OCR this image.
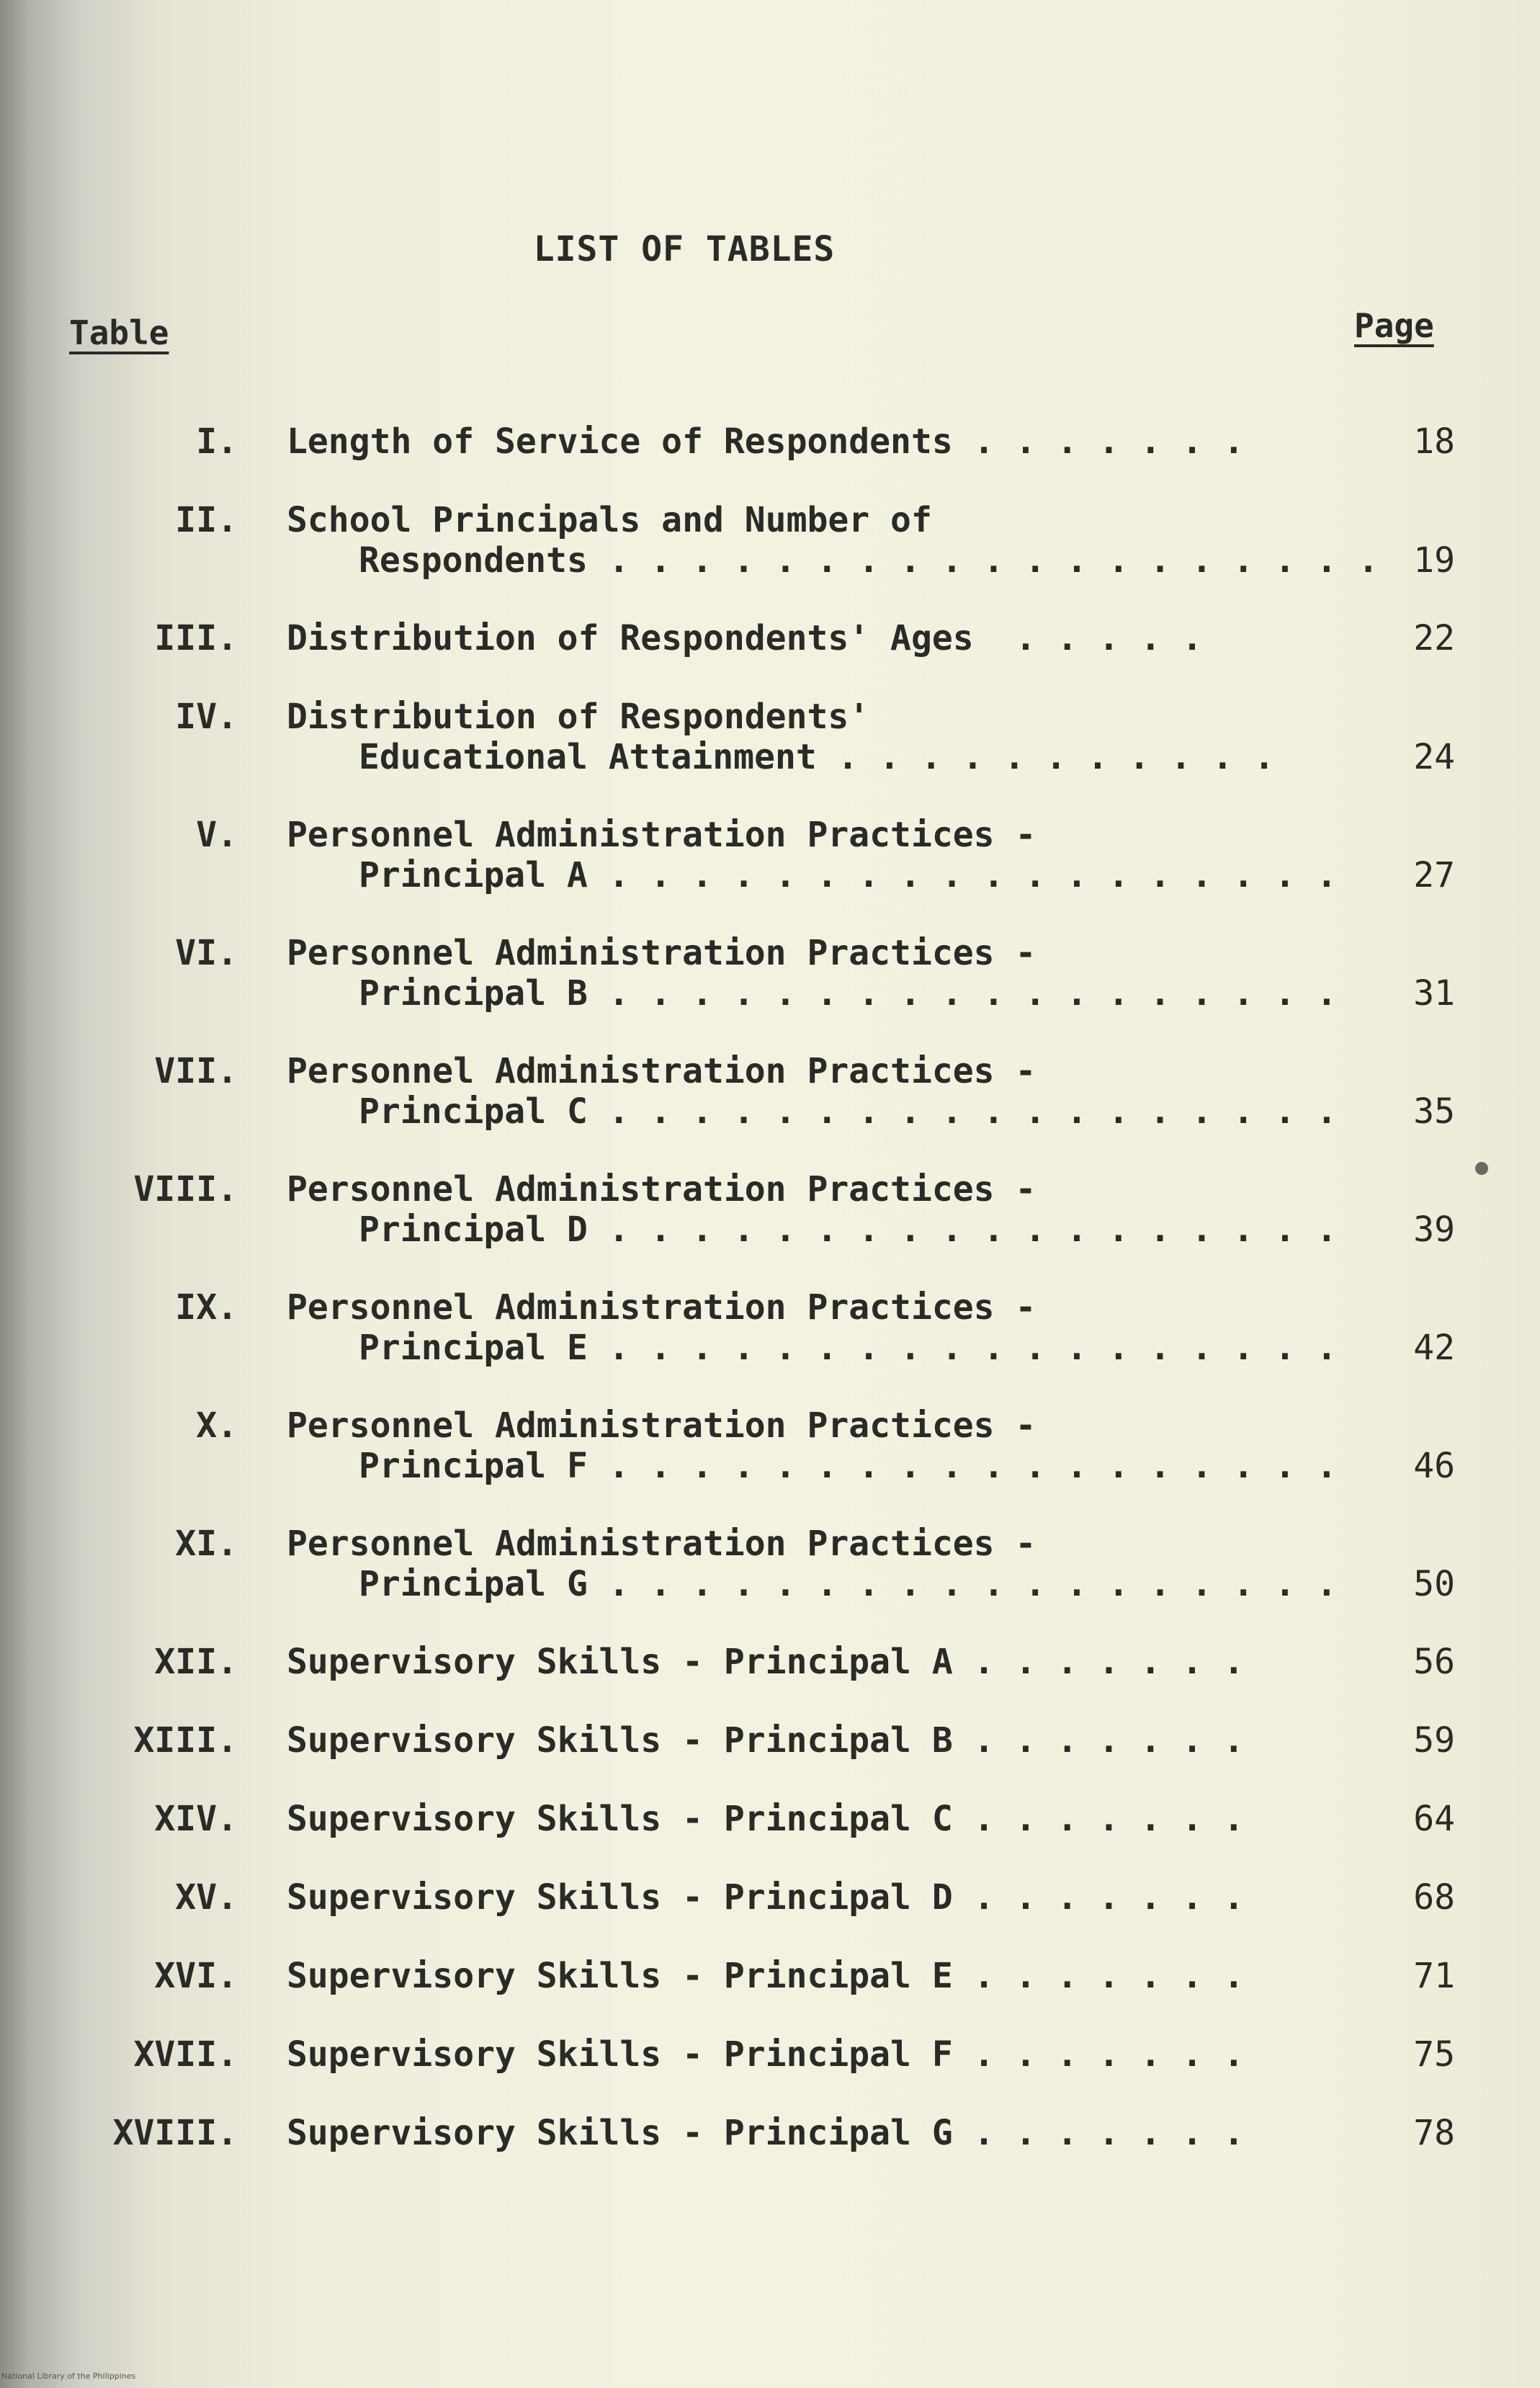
LIST OF TABLES
Table	Page
I. Length of Service of Respondents . . . . . . .	18
II. School Principals and Number of
Respondents . . . . . . . . . . . . . . . . . . .	19
III. Distribution of Respondents' Ages  . . . . .	22
IV. Distribution of Respondents'
Educational Attainment . . . . . . . . . . .	24
V. Personnel Administration Practices -
Principal A . . . . . . . . . . . . . . . . . .	27
VI. Personnel Administration Practices -
Principal B . . . . . . . . . . . . . . . . . .	31
VII. Personnel Administration Practices -
Principal C . . . . . . . . . . . . . . . . . .	35
VIII. Personnel Administration Practices -
Principal D . . . . . . . . . . . . . . . . . .	39
IX. Personnel Administration Practices -
Principal E . . . . . . . . . . . . . . . . . .	42
X. Personnel Administration Practices -
Principal F . . . . . . . . . . . . . . . . . .	46
XI. Personnel Administration Practices -
Principal G . . . . . . . . . . . . . . . . . .	50
XII. Supervisory Skills - Principal A . . . . . . .	56
XIII. Supervisory Skills - Principal B . . . . . . .	59
XIV. Supervisory Skills - Principal C . . . . . . .	64
XV. Supervisory Skills - Principal D . . . . . . .	68
XVI. Supervisory Skills - Principal E . . . . . . .	71
XVII. Supervisory Skills - Principal F . . . . . . .	75
XVIII. Supervisory Skills - Principal G . . . . . . .	78
National Library of the Philippines
